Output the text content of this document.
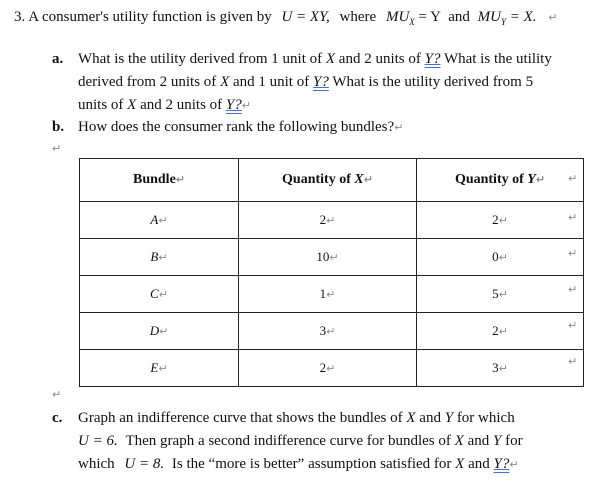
3. A consumer's utility function is given by U = XY, where $MU_X = Y$ and $MU_Y = X$. ↵
a. What is the utility derived from 1 unit of X and 2 units of Y? What is the utility
derived from 2 units of X and 1 unit of Y? What is the utility derived from 5
units of X and 2 units of Y?↵
b. How does the consumer rank the following bundles?↵
↵
Bundle↵	Quantity of X↵	Quantity of Y↵
A↵	2↵	2↵
B↵	10↵	0↵
C↵	1↵	5↵
D↵	3↵	2↵
E↵	2↵	3↵
↵
↵
↵
↵
↵
↵
↵
c. Graph an indifference curve that shows the bundles of X and Y for which
U = 6. Then graph a second indifference curve for bundles of X and Y for
which U = 8. Is the “more is better” assumption satisfied for X and Y?↵
